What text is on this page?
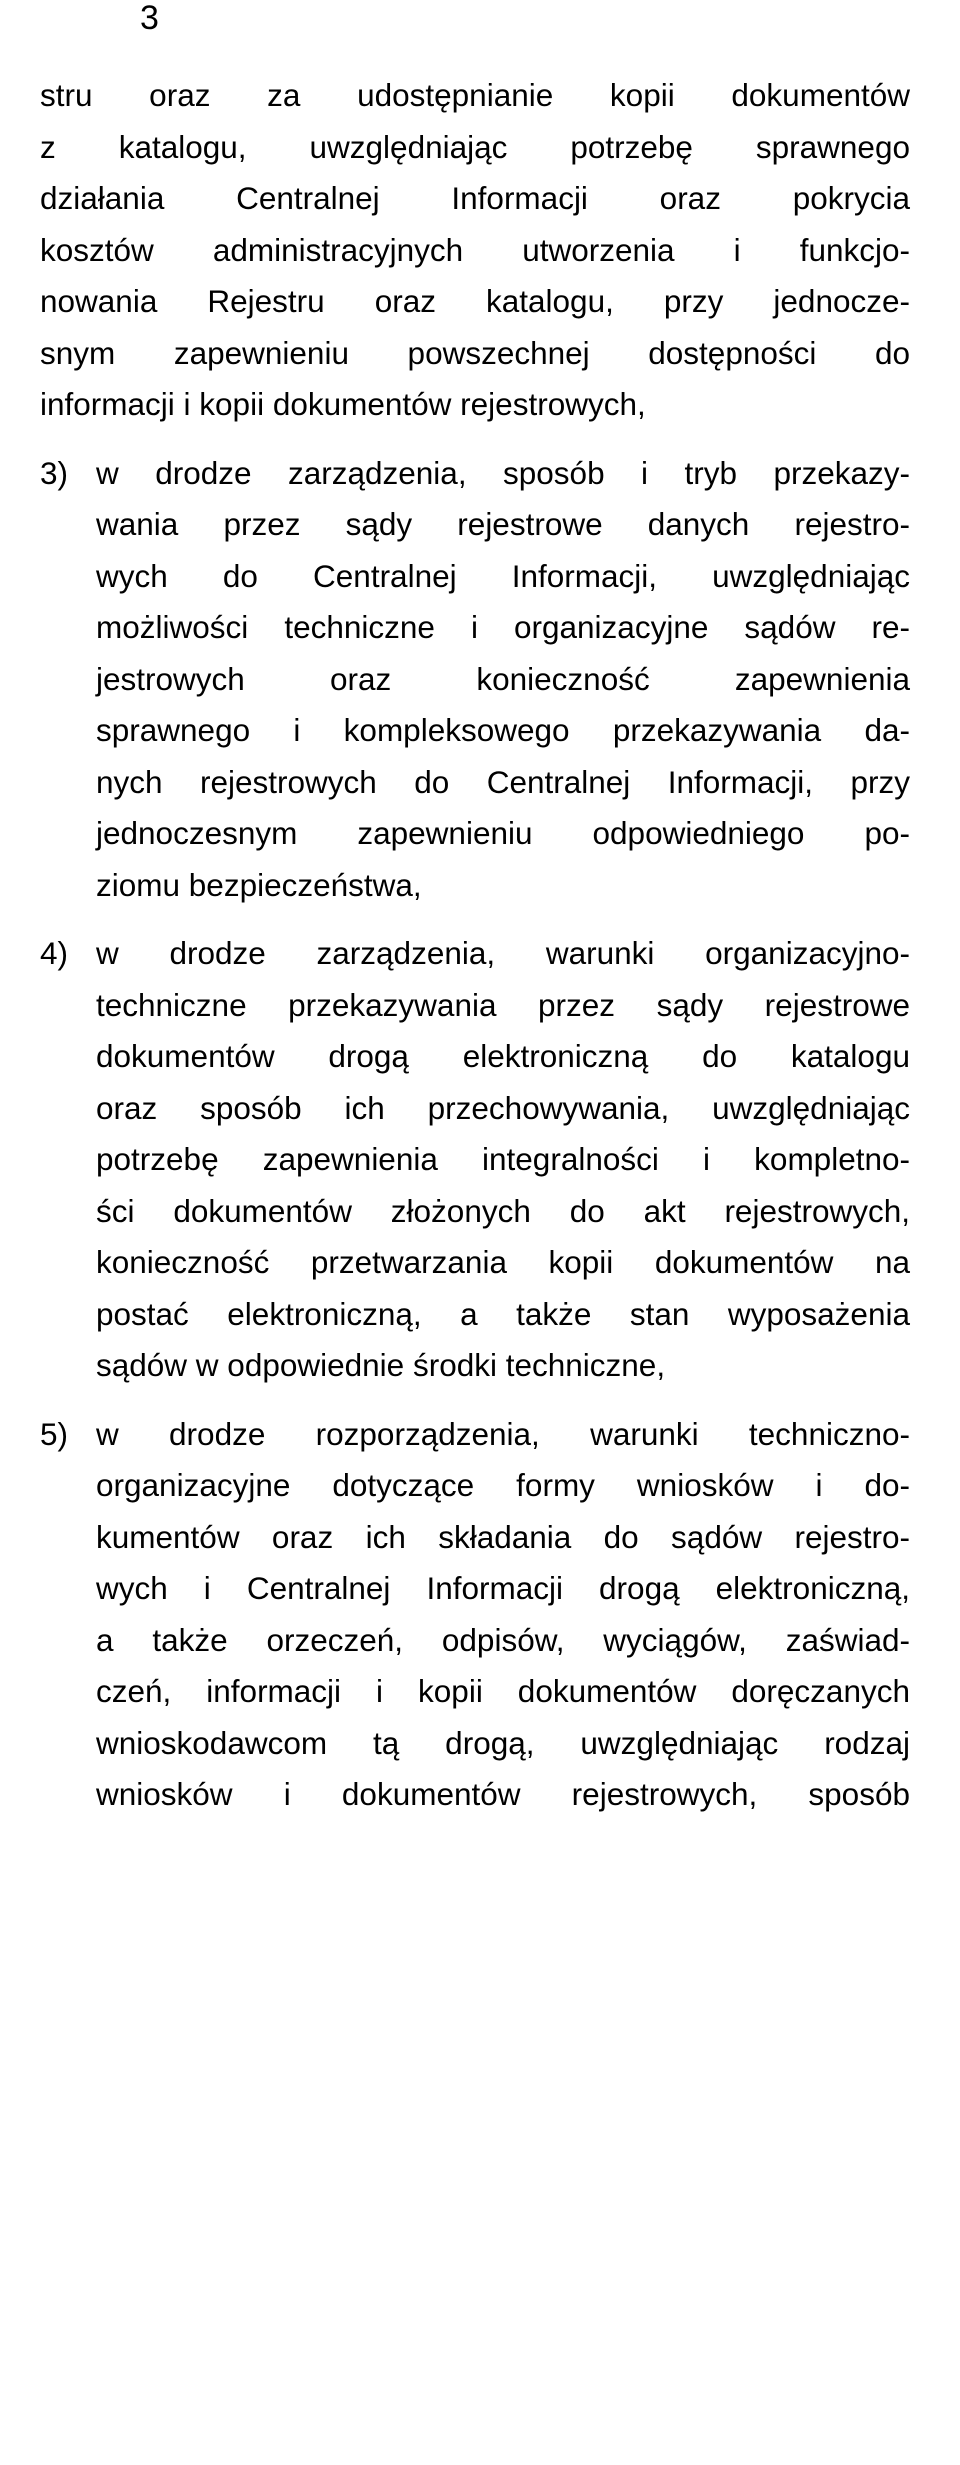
3
stru oraz za udostępnianie kopii dokumentów
z katalogu, uwzględniając potrzebę sprawnego
działania Centralnej Informacji oraz pokrycia
kosztów administracyjnych utworzenia i funkcjo-
nowania Rejestru oraz katalogu, przy jednocze-
snym zapewnieniu powszechnej dostępności do
informacji i kopii dokumentów rejestrowych,
3) w drodze zarządzenia, sposób i tryb przekazy-
wania przez sądy rejestrowe danych rejestro-
wych do Centralnej Informacji, uwzględniając
możliwości techniczne i organizacyjne sądów re-
jestrowych oraz konieczność zapewnienia
sprawnego i kompleksowego przekazywania da-
nych rejestrowych do Centralnej Informacji, przy
jednoczesnym zapewnieniu odpowiedniego po-
ziomu bezpieczeństwa,
4) w drodze zarządzenia, warunki organizacyjno-
techniczne przekazywania przez sądy rejestrowe
dokumentów drogą elektroniczną do katalogu
oraz sposób ich przechowywania, uwzględniając
potrzebę zapewnienia integralności i kompletno-
ści dokumentów złożonych do akt rejestrowych,
konieczność przetwarzania kopii dokumentów na
postać elektroniczną, a także stan wyposażenia
sądów w odpowiednie środki techniczne,
5) w drodze rozporządzenia, warunki techniczno-
organizacyjne dotyczące formy wniosków i do-
kumentów oraz ich składania do sądów rejestro-
wych i Centralnej Informacji drogą elektroniczną,
a także orzeczeń, odpisów, wyciągów, zaświad-
czeń, informacji i kopii dokumentów doręczanych
wnioskodawcom tą drogą, uwzględniając rodzaj
wniosków i dokumentów rejestrowych, sposób
